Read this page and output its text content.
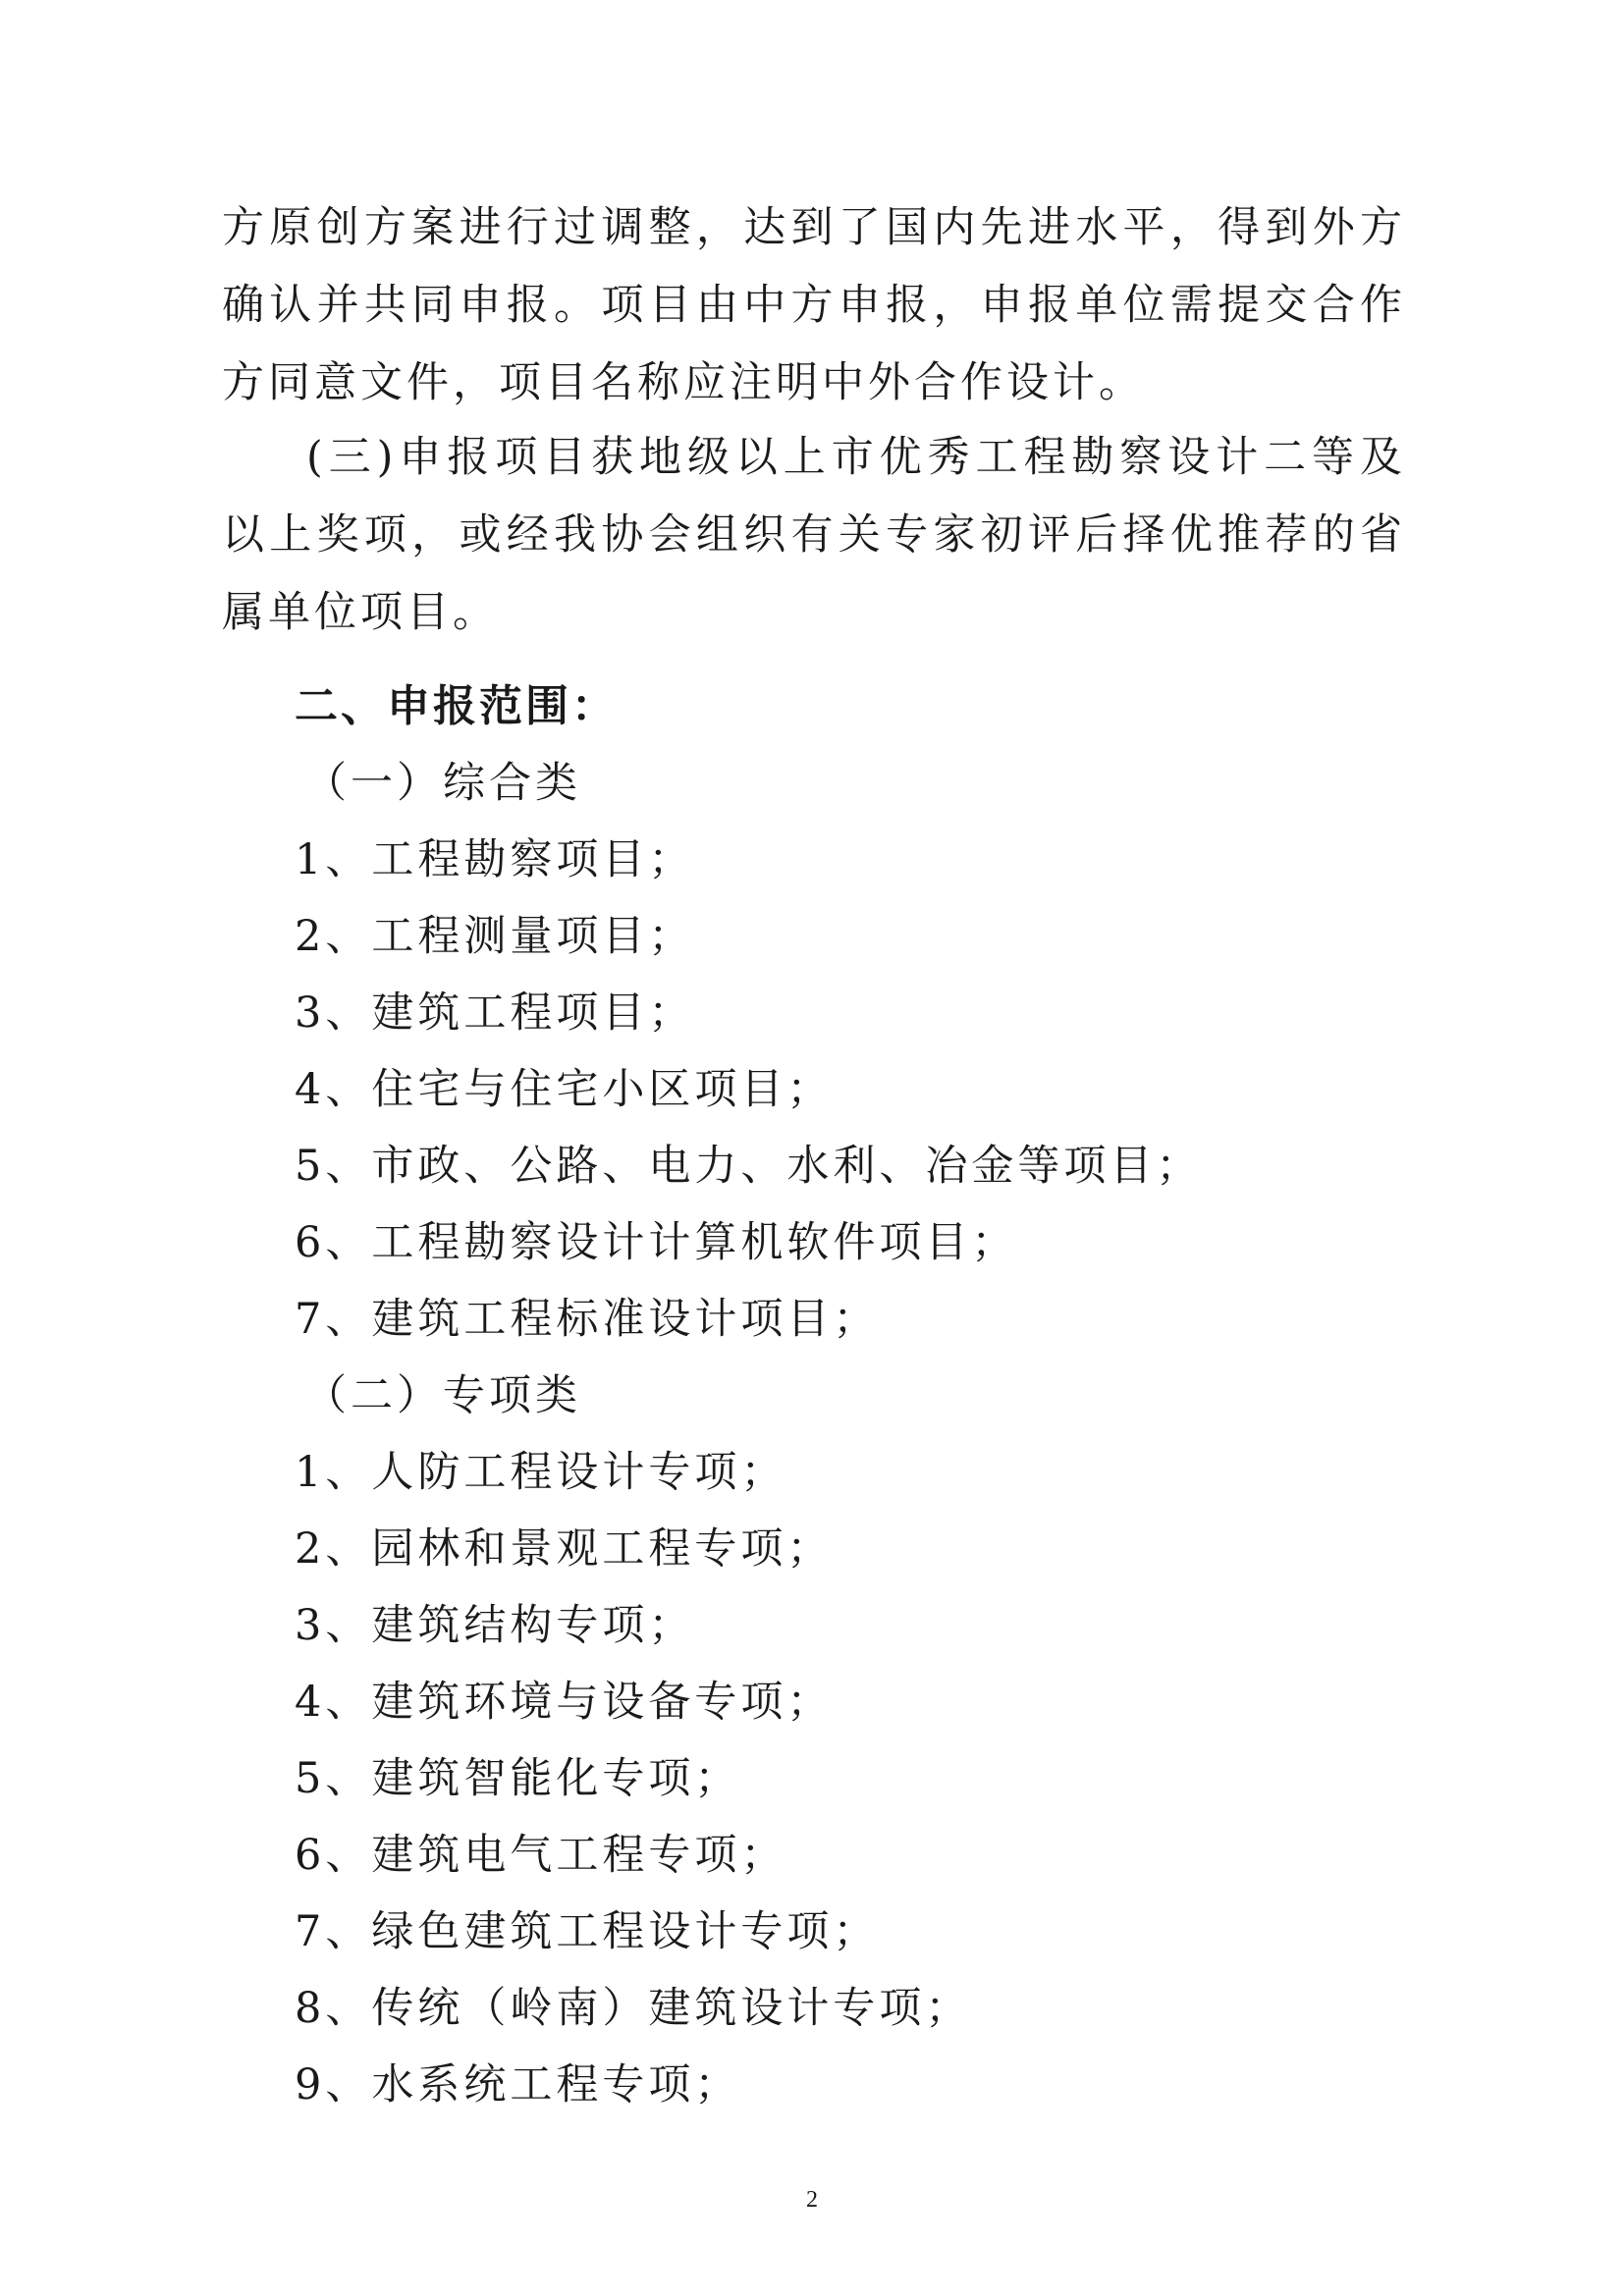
方原创方案进行过调整，达到了国内先进水平，得到外方确认并共同申报。项目由中方申报，申报单位需提交合作方同意文件，项目名称应注明中外合作设计。
(三)申报项目获地级以上市优秀工程勘察设计二等及以上奖项，或经我协会组织有关专家初评后择优推荐的省属单位项目。
二、申报范围：
（一）综合类
1、工程勘察项目；
2、工程测量项目；
3、建筑工程项目；
4、住宅与住宅小区项目；
5、市政、公路、电力、水利、冶金等项目；
6、工程勘察设计计算机软件项目；
7、建筑工程标准设计项目；
（二）专项类
1、人防工程设计专项；
2、园林和景观工程专项；
3、建筑结构专项；
4、建筑环境与设备专项；
5、建筑智能化专项；
6、建筑电气工程专项；
7、绿色建筑工程设计专项；
8、传统（岭南）建筑设计专项；
9、水系统工程专项；
2
